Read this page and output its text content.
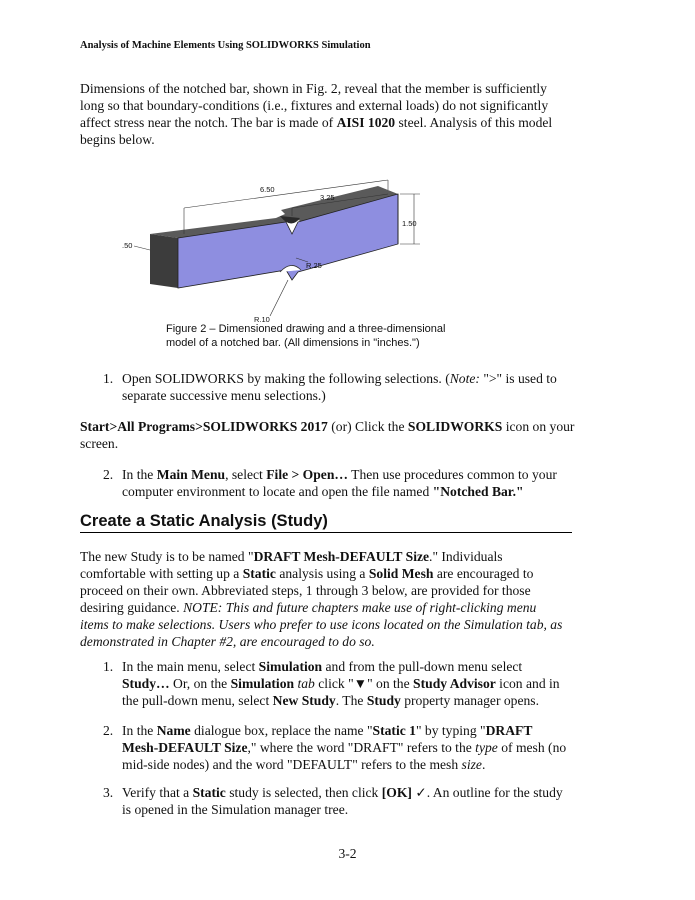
Analysis of Machine Elements Using SOLIDWORKS Simulation
Dimensions of the notched bar, shown in Fig. 2, reveal that the member is sufficiently
long so that boundary-conditions (i.e., fixtures and external loads) do not significantly
affect stress near the notch. The bar is made of AISI 1020 steel. Analysis of this model
begins below.
6.50
3.25
1.50
.50
R.25
R.10
Figure 2 – Dimensioned drawing and a three-dimensional
model of a notched bar. (All dimensions in "inches.")
1. Open SOLIDWORKS by making the following selections. (Note: ">" is used to
separate successive menu selections.)
Start>All Programs>SOLIDWORKS 2017 (or) Click the SOLIDWORKS icon on your
screen.
2. In the Main Menu, select File > Open… Then use procedures common to your
computer environment to locate and open the file named "Notched Bar."
Create a Static Analysis (Study)
The new Study is to be named "DRAFT Mesh-DEFAULT Size." Individuals
comfortable with setting up a Static analysis using a Solid Mesh are encouraged to
proceed on their own. Abbreviated steps, 1 through 3 below, are provided for those
desiring guidance. NOTE: This and future chapters make use of right-clicking menu
items to make selections. Users who prefer to use icons located on the Simulation tab, as
demonstrated in Chapter #2, are encouraged to do so.
1. In the main menu, select Simulation and from the pull-down menu select
Study… Or, on the Simulation tab click "▼" on the Study Advisor icon and in
the pull-down menu, select New Study. The Study property manager opens.
2. In the Name dialogue box, replace the name "Static 1" by typing "DRAFT
Mesh-DEFAULT Size," where the word "DRAFT" refers to the type of mesh (no
mid-side nodes) and the word "DEFAULT" refers to the mesh size.
3. Verify that a Static study is selected, then click [OK] ✓. An outline for the study
is opened in the Simulation manager tree.
3-2
